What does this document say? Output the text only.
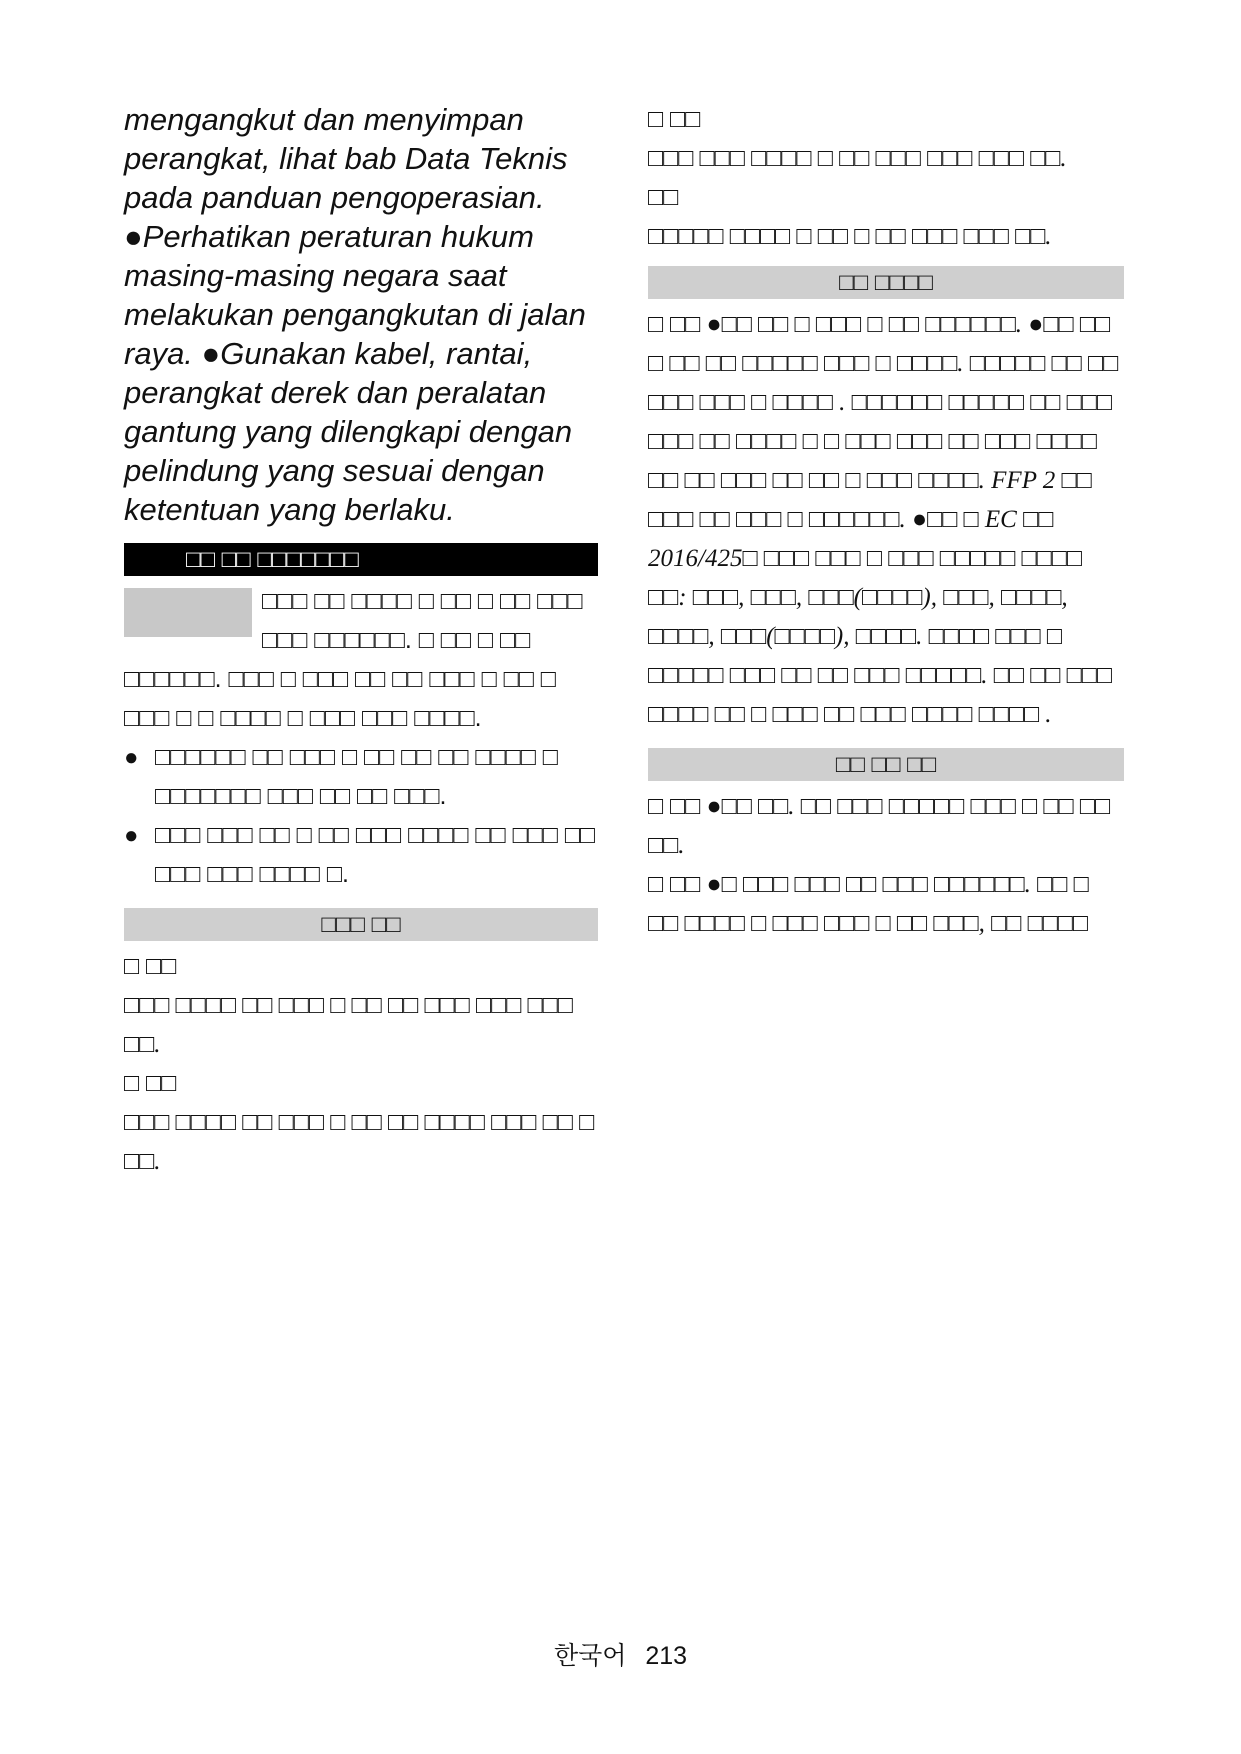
mengangkut dan menyimpan perangkat, lihat bab Data Teknis pada panduan pengoperasian. ●Perhatikan peraturan hukum masing-masing negara saat melakukan pengangkutan di jalan raya. ●Gunakan kabel, rantai, perangkat derek dan peralatan gantung yang dilengkapi dengan pelindung yang sesuai dengan ketentuan yang berlaku.

□□ □□ □□□□□□□

□□□ □□ □□□□ □ □□ □ □□ □□□ □□□ □□□□□□. □ □□ □ □□ □□□□□□. □□□ □ □□□ □□ □□ □□□ □ □□ □ □□□ □ □ □□□□ □ □□□ □□□ □□□□.

● □□□□□□ □□ □□□ □ □□ □□ □□ □□□□ □ □□□□□□□ □□□ □□ □□ □□□.

● □□□ □□□ □□ □ □□ □□□ □□□□ □□ □□□ □□ □□□ □□□ □□□□ □.

□□□ □□

□ □□

□□□ □□□□ □□ □□□ □ □□ □□ □□□ □□□ □□□ □□.

□ □□

□□□ □□□□ □□ □□□ □ □□ □□ □□□□ □□□ □□ □ □□.

□ □□

□□□ □□□ □□□□ □ □□ □□□ □□□ □□□ □□.

□□

□□□□□ □□□□ □ □□ □ □□ □□□ □□□ □□.

□□ □□□□

□ □□ ●□□ □□ □ □□□ □ □□ □□□□□□. ●□□ □□ □ □□ □□ □□□□□ □□□ □ □□□□. □□□□□ □□ □□ □□□ □□□ □ □□□□ . □□□□□□ □□□□□ □□ □□□ □□□ □□ □□□□ □ □ □□□ □□□ □□ □□□ □□□□ □□ □□ □□□ □□ □□ □ □□□ □□□□. FFP 2 □□ □□□ □□ □□□ □ □□□□□□. ●□□ □ EC □□ 2016/425□ □□□ □□□ □ □□□ □□□□□ □□□□ □□: □□□, □□□, □□□(□□□□), □□□, □□□□, □□□□, □□□(□□□□), □□□□. □□□□ □□□ □ □□□□□ □□□ □□ □□ □□□ □□□□□. □□ □□ □□□ □□□□ □□ □ □□□ □□ □□□ □□□□ □□□□ .

□□ □□ □□

□ □□ ●□□ □□. □□ □□□ □□□□□ □□□ □ □□ □□ □□.

□ □□ ●□ □□□ □□□ □□ □□□ □□□□□□. □□ □ □□ □□□□ □ □□□ □□□ □ □□ □□□, □□ □□□□

한국어 213
